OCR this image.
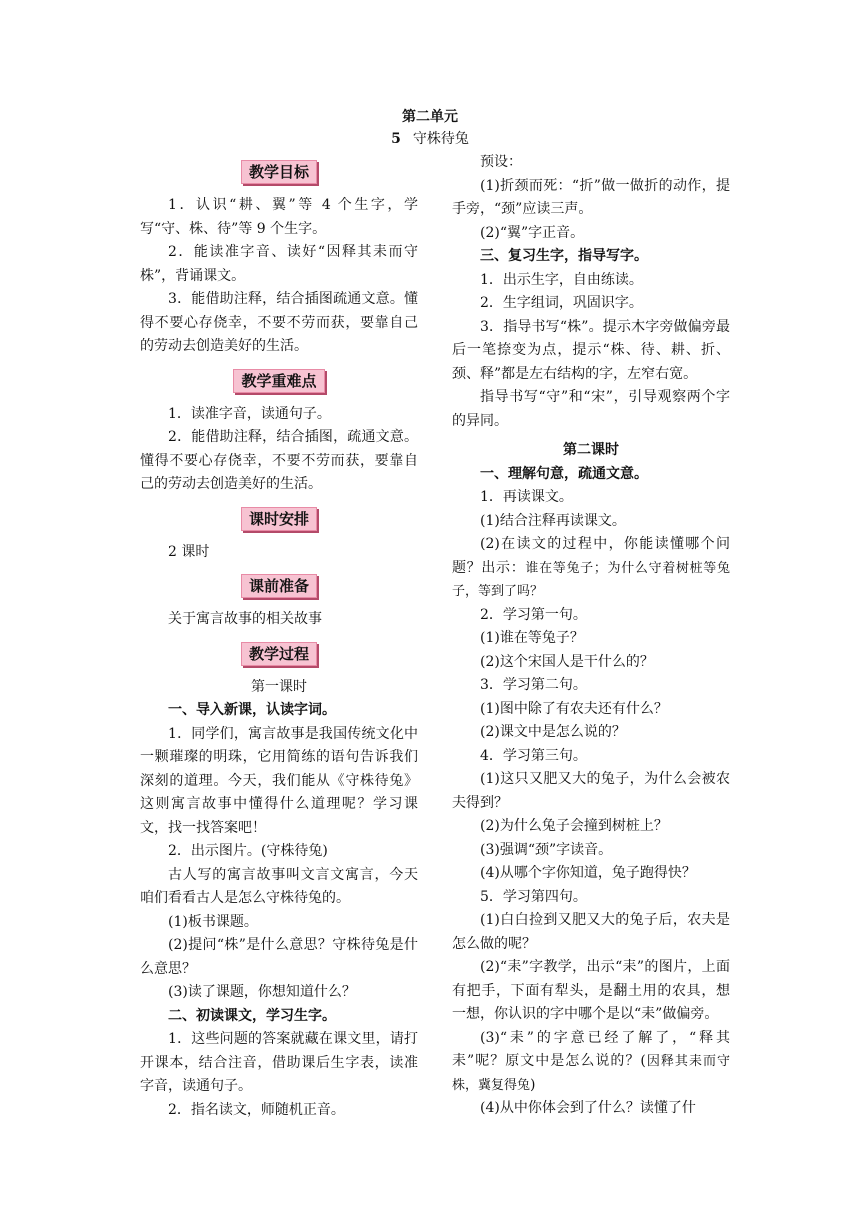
第二单元
5 守株待兔
教学目标

1．认识“耕、翼”等 4 个生字，学写“守、株、待”等 9 个生字。

2．能读准字音、读好“因释其耒而守株”，背诵课文。

3．能借助注释，结合插图疏通文意。懂得不要心存侥幸，不要不劳而获，要靠自己的劳动去创造美好的生活。

教学重难点

1．读准字音，读通句子。

2．能借助注释，结合插图，疏通文意。懂得不要心存侥幸，不要不劳而获，要靠自己的劳动去创造美好的生活。

课时安排

2 课时

课前准备

关于寓言故事的相关故事

教学过程

第一课时

一、导入新课，认读字词。

1．同学们，寓言故事是我国传统文化中一颗璀璨的明珠，它用简练的语句告诉我们深刻的道理。今天，我们能从《守株待兔》这则寓言故事中懂得什么道理呢？学习课文，找一找答案吧！

2．出示图片。(守株待兔)

古人写的寓言故事叫文言文寓言，今天咱们看看古人是怎么守株待兔的。

(1)板书课题。

(2)提问“株”是什么意思？守株待兔是什么意思？

(3)读了课题，你想知道什么？

二、初读课文，学习生字。

1．这些问题的答案就藏在课文里，请打开课本，结合注音，借助课后生字表，读准字音，读通句子。

2．指名读文，师随机正音。

预设：

(1)折颈而死：“折”做一做折的动作，提手旁，“颈”应读三声。

(2)“翼”字正音。

三、复习生字，指导写字。

1．出示生字，自由练读。

2．生字组词，巩固识字。

3．指导书写“株”。提示木字旁做偏旁最后一笔捺变为点，提示“株、待、耕、折、颈、释”都是左右结构的字，左窄右宽。

指导书写“守”和“宋”，引导观察两个字的异同。

第二课时

一、理解句意，疏通文意。

1．再读课文。

(1)结合注释再读课文。

(2)在读文的过程中，你能读懂哪个问题？出示：谁在等兔子；为什么守着树桩等兔子，等到了吗？

2．学习第一句。

(1)谁在等兔子？

(2)这个宋国人是干什么的？

3．学习第二句。

(1)图中除了有农夫还有什么？

(2)课文中是怎么说的？

4．学习第三句。

(1)这只又肥又大的兔子，为什么会被农夫得到？

(2)为什么兔子会撞到树桩上？

(3)强调“颈”字读音。

(4)从哪个字你知道，兔子跑得快？

5．学习第四句。

(1)白白捡到又肥又大的兔子后，农夫是怎么做的呢？

(2)“耒”字教学，出示“耒”的图片，上面有把手，下面有犁头，是翻土用的农具，想一想，你认识的字中哪个是以“耒”做偏旁。

(3)“耒”的字意已经了解了，“释其耒”呢？原文中是怎么说的？(因释其耒而守株，冀复得兔)

(4)从中你体会到了什么？读懂了什
